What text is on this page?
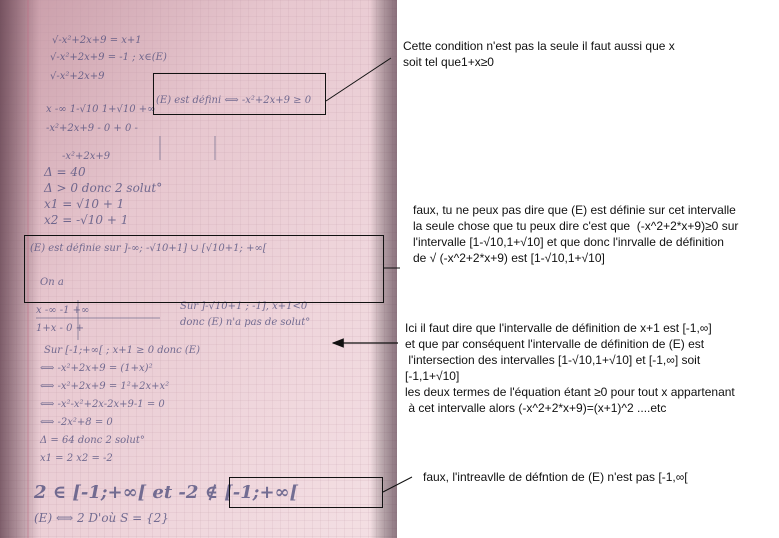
√-x²+2x+9 = x+1
√-x²+2x+9 = -1 ; x∈(E)
√-x²+2x+9
(E) est défini ⟺ -x²+2x+9 ≥ 0
x -∞ 1-√10 1+√10 +∞
-x²+2x+9 - 0 + 0 -
-x²+2x+9
Δ = 40
Δ > 0 donc 2 solut°
x1 = √10 + 1
x2 = -√10 + 1
(E) est définie sur ]-∞; -√10+1] ∪ [√10+1; +∞[
On a
x -∞ -1 +∞
1+x - 0 +
Sur ]-√10+1 ; -1], x+1<0
donc (E) n'a pas de solut°
Sur [-1;+∞[ ; x+1 ≥ 0 donc (E)
⟺ -x²+2x+9 = (1+x)²
⟺ -x²+2x+9 = 1²+2x+x²
⟺ -x²-x²+2x-2x+9-1 = 0
⟺ -2x²+8 = 0
Δ = 64 donc 2 solut°
x1 = 2 x2 = -2
2 ∈ [-1;+∞[ et -2 ∉ [-1;+∞[
(E) ⟺ 2 D'où S = {2}
Cette condition n'est pas la seule il faut aussi que x
soit tel que1+x≥0
faux, tu ne peux pas dire que (E) est définie sur cet intervalle
la seule chose que tu peux dire c'est que  (-x^2+2*x+9)≥0 sur
l'intervalle [1-√10,1+√10] et que donc l'inrvalle de définition
de √ (-x^2+2*x+9) est [1-√10,1+√10]
Ici il faut dire que l'intervalle de définition de x+1 est [-1,∞]
et que par conséquent l'intervalle de définition de (E) est
l'intersection des intervalles [1-√10,1+√10] et [-1,∞] soit
[-1,1+√10]
les deux termes de l'équation étant ≥0 pour tout x appartenant
à cet intervalle alors (-x^2+2*x+9)=(x+1)^2 ....etc
faux, l'intreavlle de défntion de (E) n'est pas [-1,∞[
